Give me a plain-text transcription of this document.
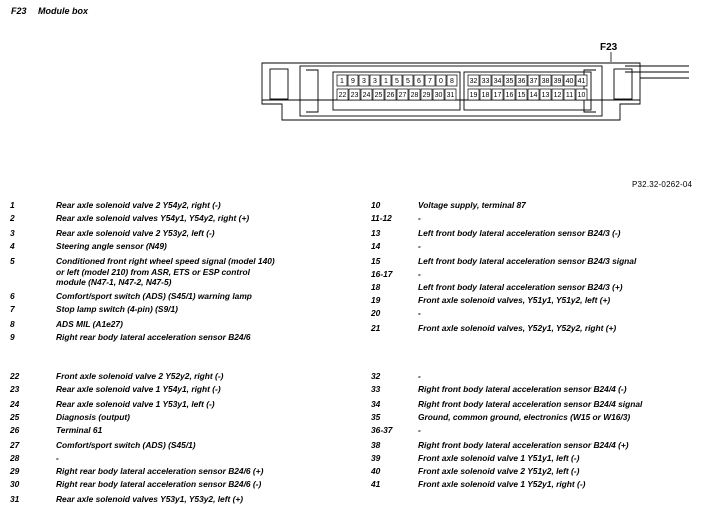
F23 Module box
F23
1 9 3 3 1 5 5 6 7 0 8
22 23 24 25 26 27 28 29 30 31
32 33 34 35 36 37 38 39 40 41
19 18 17 16 15 14 13 12 11 10
P32.32-0262-04
1	Rear axle solenoid valve 2 Y54y2, right (-)
2	Rear axle solenoid valves Y54y1, Y54y2, right (+)
3	Rear axle solenoid valve 2 Y53y2, left (-)
4	Steering angle sensor (N49)
5	Conditioned front right wheel speed signal (model 140)
or left (model 210) from ASR, ETS or ESP control
module (N47-1, N47-2, N47-5)
6	Comfort/sport switch (ADS) (S45/1) warning lamp
7	Stop lamp switch (4-pin) (S9/1)
8	ADS MIL (A1e27)
9	Right rear body lateral acceleration sensor B24/6
22	Front axle solenoid valve 2 Y52y2, right (-)
23	Rear axle solenoid valve 1 Y54y1, right (-)
24	Rear axle solenoid valve 1 Y53y1, left (-)
25	Diagnosis (output)
26	Terminal 61
27	Comfort/sport switch (ADS) (S45/1)
28	-
29	Right rear body lateral acceleration sensor B24/6 (+)
30	Right rear body lateral acceleration sensor B24/6 (-)
31	Rear axle solenoid valves Y53y1, Y53y2, left (+)
10	Voltage supply, terminal 87
11-12	-
13	Left front body lateral acceleration sensor B24/3 (-)
14	-
15	Left front body lateral acceleration sensor B24/3 signal
16-17	-
18	Left front body lateral acceleration sensor B24/3 (+)
19	Front axle solenoid valves, Y51y1, Y51y2, left (+)
20	-
21	Front axle solenoid valves, Y52y1, Y52y2, right (+)
32	-
33	Right front body lateral acceleration sensor B24/4 (-)
34	Right front body lateral acceleration sensor B24/4 signal
35	Ground, common ground, electronics (W15 or W16/3)
36-37	-
38	Right front body lateral acceleration sensor B24/4 (+)
39	Front axle solenoid valve 1 Y51y1, left (-)
40	Front axle solenoid valve 2 Y51y2, left (-)
41	Front axle solenoid valve 1 Y52y1, right (-)
